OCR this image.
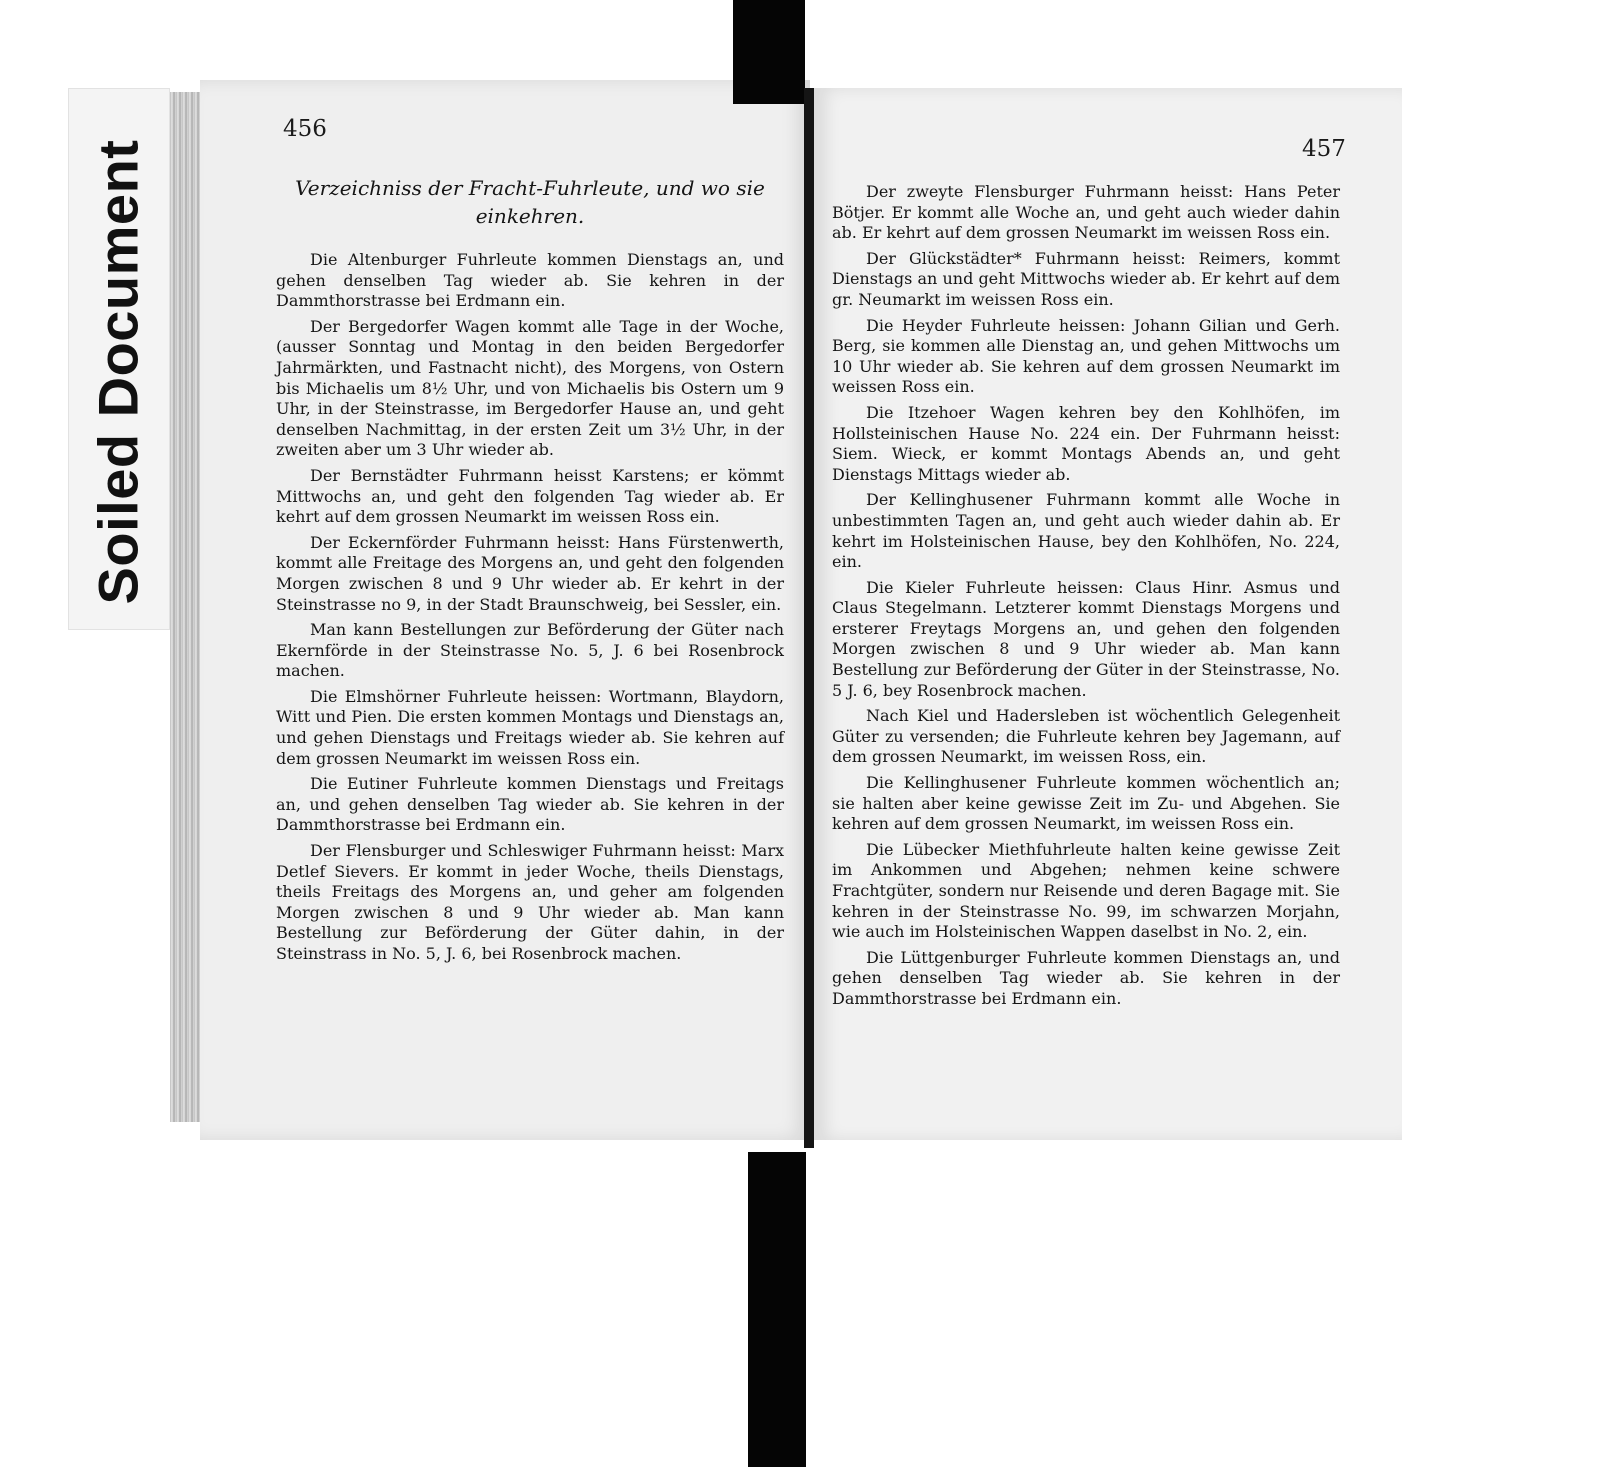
Soiled Document
456
457
Verzeichniss der Fracht-Fuhrleute, und wo sie einkehren.

Die Altenburger Fuhrleute kommen Dienstags an, und gehen denselben Tag wieder ab. Sie kehren in der Dammthorstrasse bei Erdmann ein.

Der Bergedorfer Wagen kommt alle Tage in der Woche, (ausser Sonntag und Montag in den beiden Bergedorfer Jahrmärkten, und Fastnacht nicht), des Morgens, von Ostern bis Michaelis um 8½ Uhr, und von Michaelis bis Ostern um 9 Uhr, in der Steinstrasse, im Bergedorfer Hause an, und geht denselben Nachmittag, in der ersten Zeit um 3½ Uhr, in der zweiten aber um 3 Uhr wieder ab.

Der Bernstädter Fuhrmann heisst Karstens; er kömmt Mittwochs an, und geht den folgenden Tag wieder ab. Er kehrt auf dem grossen Neumarkt im weissen Ross ein.

Der Eckernförder Fuhrmann heisst: Hans Fürstenwerth, kommt alle Freitage des Morgens an, und geht den folgenden Morgen zwischen 8 und 9 Uhr wieder ab. Er kehrt in der Steinstrasse no 9, in der Stadt Braunschweig, bei Sessler, ein.

Man kann Bestellungen zur Beförderung der Güter nach Ekernförde in der Steinstrasse No. 5, J. 6 bei Rosenbrock machen.

Die Elmshörner Fuhrleute heissen: Wortmann, Blaydorn, Witt und Pien. Die ersten kommen Montags und Dienstags an, und gehen Dienstags und Freitags wieder ab. Sie kehren auf dem grossen Neumarkt im weissen Ross ein.

Die Eutiner Fuhrleute kommen Dienstags und Freitags an, und gehen denselben Tag wieder ab. Sie kehren in der Dammthorstrasse bei Erdmann ein.

Der Flensburger und Schleswiger Fuhrmann heisst: Marx Detlef Sievers. Er kommt in jeder Woche, theils Dienstags, theils Freitags des Morgens an, und geher am folgenden Morgen zwischen 8 und 9 Uhr wieder ab. Man kann Bestellung zur Beförderung der Güter dahin, in der Steinstrass in No. 5, J. 6, bei Rosenbrock machen.

Der zweyte Flensburger Fuhrmann heisst: Hans Peter Bötjer. Er kommt alle Woche an, und geht auch wieder dahin ab. Er kehrt auf dem grossen Neumarkt im weissen Ross ein.

Der Glückstädter* Fuhrmann heisst: Reimers, kommt Dienstags an und geht Mittwochs wieder ab. Er kehrt auf dem gr. Neumarkt im weissen Ross ein.

Die Heyder Fuhrleute heissen: Johann Gilian und Gerh. Berg, sie kommen alle Dienstag an, und gehen Mittwochs um 10 Uhr wieder ab. Sie kehren auf dem grossen Neumarkt im weissen Ross ein.

Die Itzehoer Wagen kehren bey den Kohlhöfen, im Hollsteinischen Hause No. 224 ein. Der Fuhrmann heisst: Siem. Wieck, er kommt Montags Abends an, und geht Dienstags Mittags wieder ab.

Der Kellinghusener Fuhrmann kommt alle Woche in unbestimmten Tagen an, und geht auch wieder dahin ab. Er kehrt im Holsteinischen Hause, bey den Kohlhöfen, No. 224, ein.

Die Kieler Fuhrleute heissen: Claus Hinr. Asmus und Claus Stegelmann. Letzterer kommt Dienstags Morgens und ersterer Freytags Morgens an, und gehen den folgenden Morgen zwischen 8 und 9 Uhr wieder ab. Man kann Bestellung zur Beförderung der Güter in der Steinstrasse, No. 5 J. 6, bey Rosenbrock machen.

Nach Kiel und Hadersleben ist wöchentlich Gelegenheit Güter zu versenden; die Fuhrleute kehren bey Jagemann, auf dem grossen Neumarkt, im weissen Ross, ein.

Die Kellinghusener Fuhrleute kommen wöchentlich an; sie halten aber keine gewisse Zeit im Zu- und Abgehen. Sie kehren auf dem grossen Neumarkt, im weissen Ross ein.

Die Lübecker Miethfuhrleute halten keine gewisse Zeit im Ankommen und Abgehen; nehmen keine schwere Frachtgüter, sondern nur Reisende und deren Bagage mit. Sie kehren in der Steinstrasse No. 99, im schwarzen Morjahn, wie auch im Holsteinischen Wappen daselbst in No. 2, ein.

Die Lüttgenburger Fuhrleute kommen Dienstags an, und gehen denselben Tag wieder ab. Sie kehren in der Dammthorstrasse bei Erdmann ein.
